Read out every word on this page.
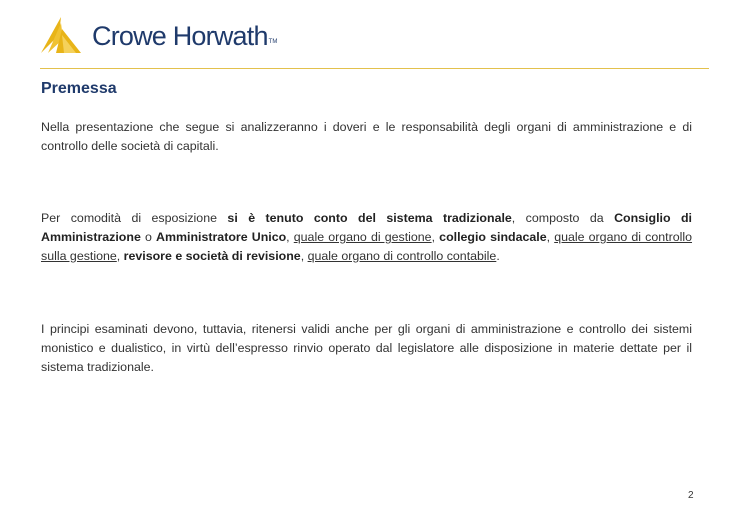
Crowe Horwath TM
Premessa

Nella presentazione che segue si analizzeranno i doveri e le responsabilità degli organi di amministrazione e di controllo delle società di capitali.

Per comodità di esposizione si è tenuto conto del sistema tradizionale, composto da Consiglio di Amministrazione o Amministratore Unico, quale organo di gestione, collegio sindacale, quale organo di controllo sulla gestione, revisore e società di revisione, quale organo di controllo contabile.

I principi esaminati devono, tuttavia, ritenersi validi anche per gli organi di amministrazione e controllo dei sistemi monistico e dualistico, in virtù dell’espresso rinvio operato dal legislatore alle disposizione in materie dettate per il sistema tradizionale.

2
